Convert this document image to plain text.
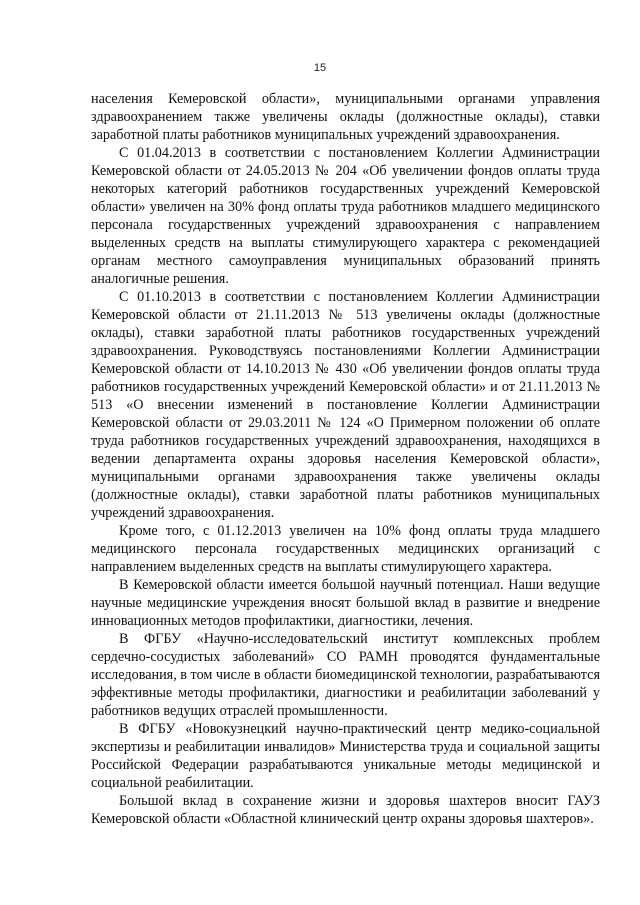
15

населения Кемеровской области», муниципальными органами управления здравоохранением также увеличены оклады (должностные оклады), ставки заработной платы работников муниципальных учреждений здравоохранения.

С 01.04.2013 в соответствии с постановлением Коллегии Администрации Кемеровской области от 24.05.2013 № 204 «Об увеличении фондов оплаты труда некоторых категорий работников государственных учреждений Кемеровской области» увеличен на 30% фонд оплаты труда работников младшего медицинского персонала государственных учреждений здравоохранения с направлением выделенных средств на выплаты стимулирующего характера с рекомендацией органам местного самоуправления муниципальных образований принять аналогичные решения.

С 01.10.2013 в соответствии с постановлением Коллегии Администрации Кемеровской области от 21.11.2013 № 513 увеличены оклады (должностные оклады), ставки заработной платы работников государственных учреждений здравоохранения. Руководствуясь постановлениями Коллегии Администрации Кемеровской области от 14.10.2013 № 430 «Об увеличении фондов оплаты труда работников государственных учреждений Кемеровской области» и от 21.11.2013 № 513 «О внесении изменений в постановление Коллегии Администрации Кемеровской области от 29.03.2011 № 124 «О Примерном положении об оплате труда работников государственных учреждений здравоохранения, находящихся в ведении департамента охраны здоровья населения Кемеровской области», муниципальными органами здравоохранения также увеличены оклады (должностные оклады), ставки заработной платы работников муниципальных учреждений здравоохранения.

Кроме того, с 01.12.2013 увеличен на 10% фонд оплаты труда младшего медицинского персонала государственных медицинских организаций с направлением выделенных средств на выплаты стимулирующего характера.

В Кемеровской области имеется большой научный потенциал. Наши ведущие научные медицинские учреждения вносят большой вклад в развитие и внедрение инновационных методов профилактики, диагностики, лечения.

В ФГБУ «Научно-исследовательский институт комплексных проблем сердечно-сосудистых заболеваний» СО РАМН проводятся фундаментальные исследования, в том числе в области биомедицинской технологии, разрабатываются эффективные методы профилактики, диагностики и реабилитации заболеваний у работников ведущих отраслей промышленности.

В ФГБУ «Новокузнецкий научно-практический центр медико-социальной экспертизы и реабилитации инвалидов» Министерства труда и социальной защиты Российской Федерации разрабатываются уникальные методы медицинской и социальной реабилитации.

Большой вклад в сохранение жизни и здоровья шахтеров вносит ГАУЗ Кемеровской области «Областной клинический центр охраны здоровья шахтеров».
